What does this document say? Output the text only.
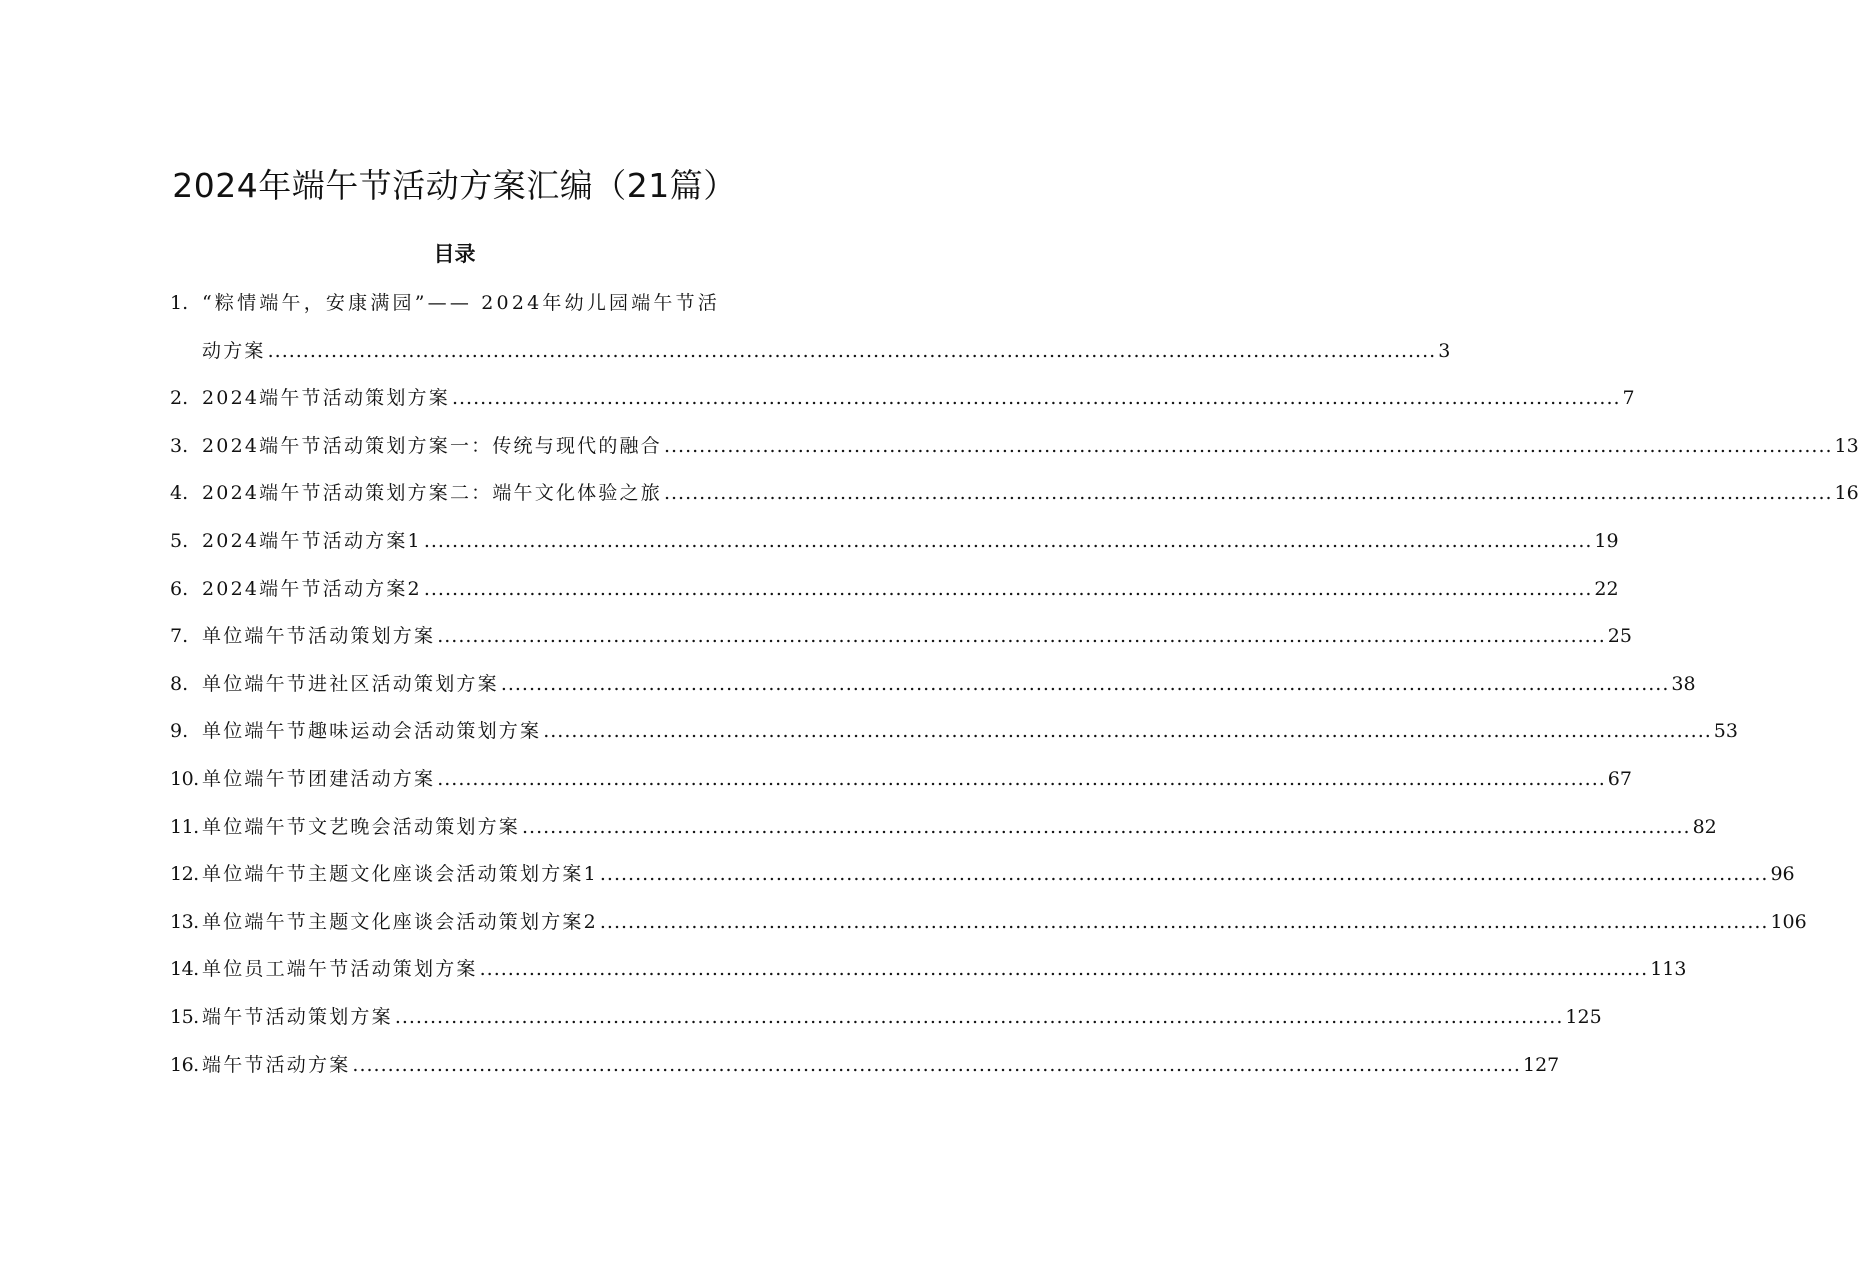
2024年端午节活动方案汇编（21篇）
目录
1. “粽情端午，安康满园”—— 2024年幼儿园端午节活
动方案 .....	3
2. 2024端午节活动策划方案 .....	7
3. 2024端午节活动策划方案一：传统与现代的融合 .....	13
4. 2024端午节活动策划方案二：端午文化体验之旅 .....	16
5. 2024端午节活动方案1 .....	19
6. 2024端午节活动方案2 .....	22
7. 单位端午节活动策划方案 .....	25
8. 单位端午节进社区活动策划方案 .....	38
9. 单位端午节趣味运动会活动策划方案 .....	53
10. 单位端午节团建活动方案 .....	67
11. 单位端午节文艺晚会活动策划方案 .....	82
12. 单位端午节主题文化座谈会活动策划方案1 .....	96
13. 单位端午节主题文化座谈会活动策划方案2 .....	106
14. 单位员工端午节活动策划方案 .....	113
15. 端午节活动策划方案 .....	125
16. 端午节活动方案 .....	127
